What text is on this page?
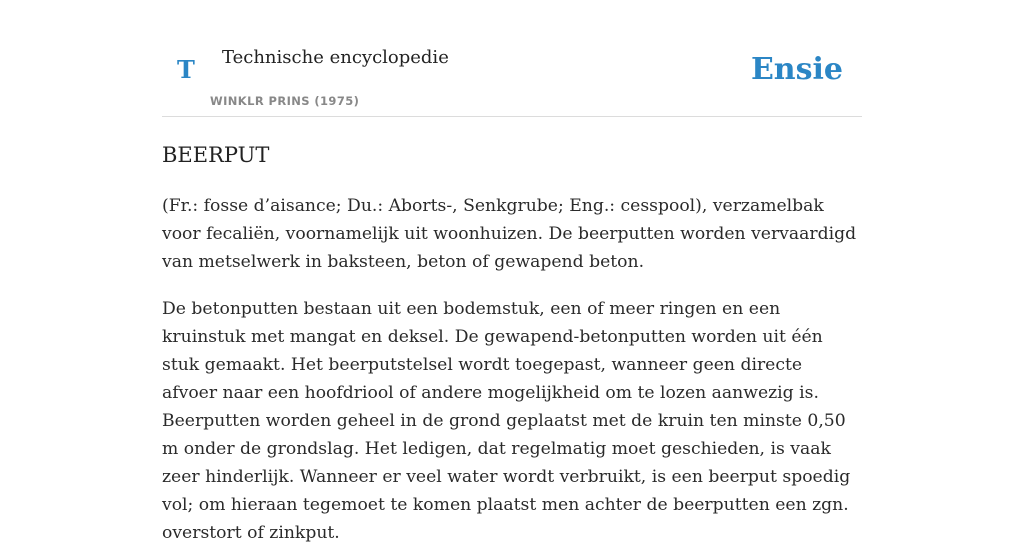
T Technische encyclopedie
WINKLR PRINS (1975)
Ensie
BEERPUT

(Fr.: fosse d’aisance; Du.: Aborts-, Senkgrube; Eng.: cesspool), verzamelbak voor fecaliën, voornamelijk uit woonhuizen. De beerputten worden vervaardigd van metselwerk in baksteen, beton of gewapend beton.

De betonputten bestaan uit een bodemstuk, een of meer ringen en een kruinstuk met mangat en deksel. De gewapend-betonputten worden uit één stuk gemaakt. Het beerputstelsel wordt toegepast, wanneer geen directe afvoer naar een hoofdriool of andere mogelijkheid om te lozen aanwezig is. Beerputten worden geheel in de grond geplaatst met de kruin ten minste 0,50 m onder de grondslag. Het ledigen, dat regelmatig moet geschieden, is vaak zeer hinderlijk. Wanneer er veel water wordt verbruikt, is een beerput spoedig vol; om hieraan tegemoet te komen plaatst men achter de beerputten een zgn. overstort of zinkput.
